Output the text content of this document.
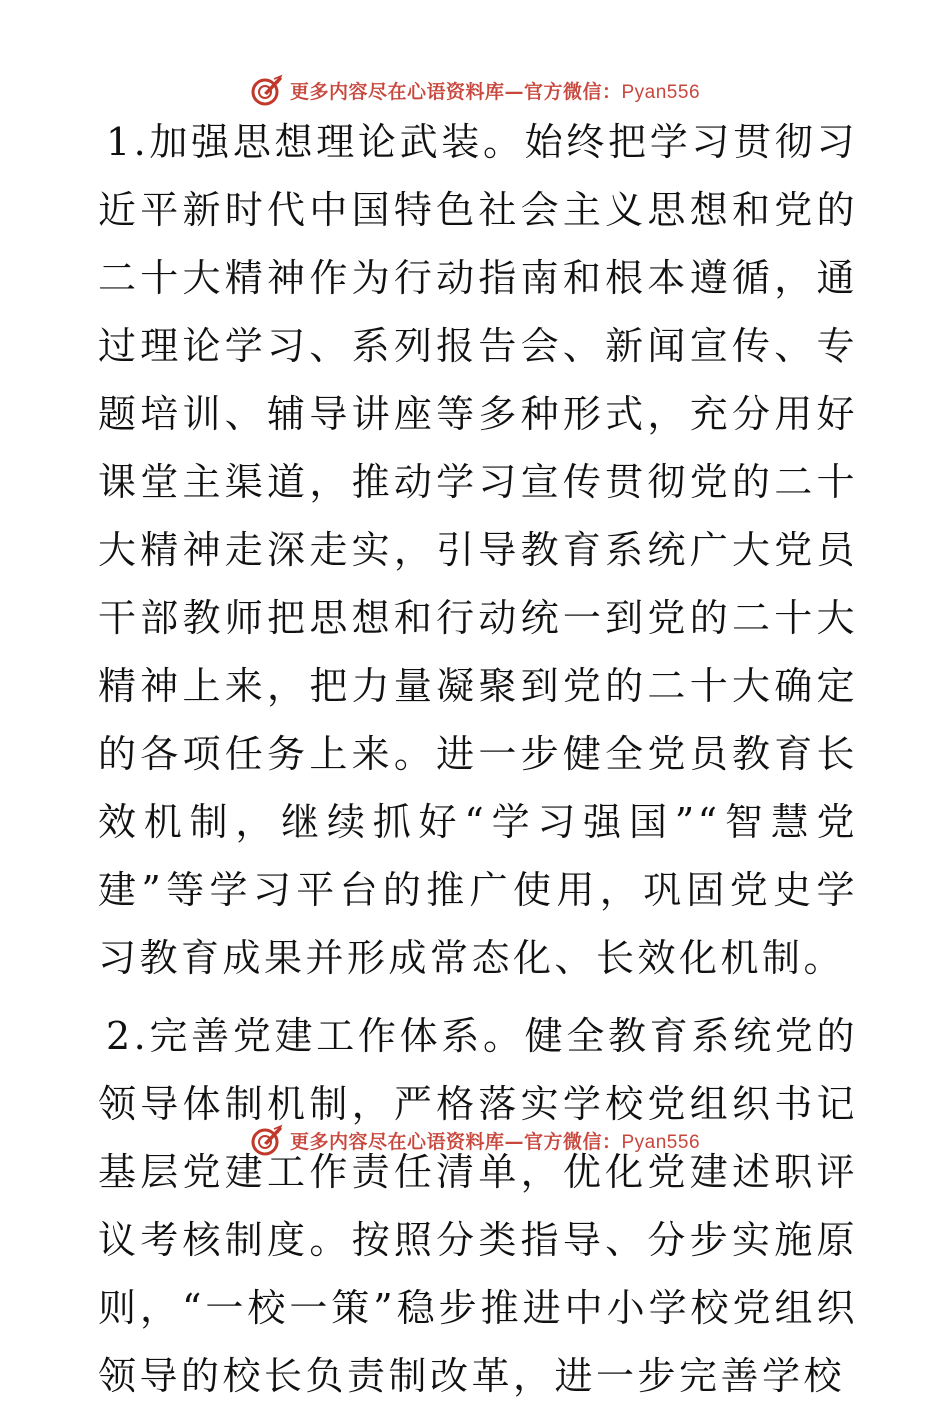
更多内容尽在心语资料库—官方微信：Pyan556

1.加强思想理论武装。始终把学习贯彻习近平新时代中国特色社会主义思想和党的二十大精神作为行动指南和根本遵循，通过理论学习、系列报告会、新闻宣传、专题培训、辅导讲座等多种形式，充分用好课堂主渠道，推动学习宣传贯彻党的二十大精神走深走实，引导教育系统广大党员干部教师把思想和行动统一到党的二十大精神上来，把力量凝聚到党的二十大确定的各项任务上来。进一步健全党员教育长效机制，继续抓好“学习强国”“智慧党建”等学习平台的推广使用，巩固党史学习教育成果并形成常态化、长效化机制。

2.完善党建工作体系。健全教育系统党的领导体制机制，严格落实学校党组织书记基层党建工作责任清单，优化党建述职评议考核制度。按照分类指导、分步实施原则，“一校一策”稳步推进中小学校党组织领导的校长负责制改革，进一步完善学校

更多内容尽在心语资料库—官方微信：Pyan556
